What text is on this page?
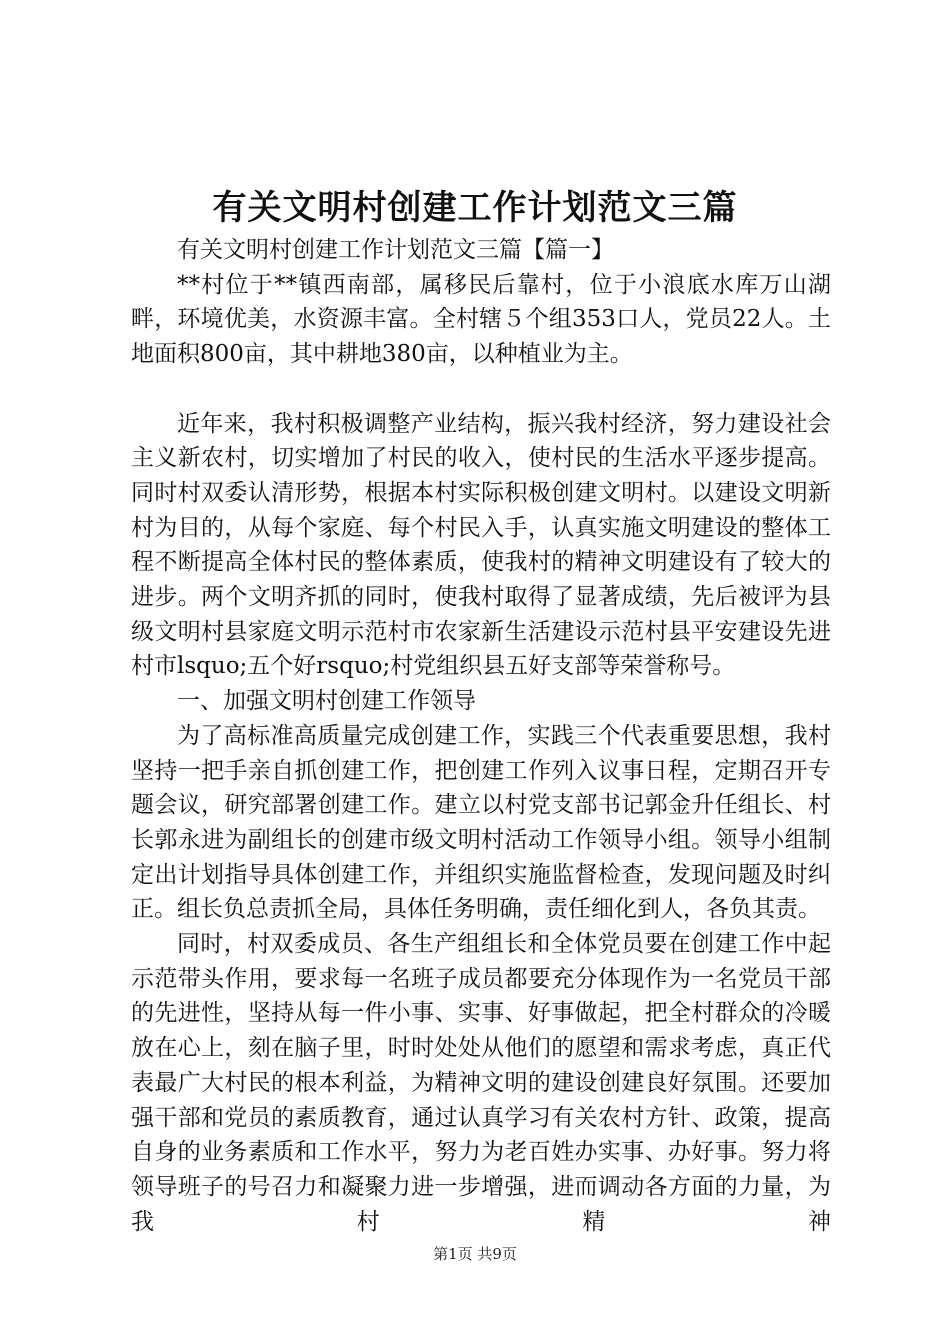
有关文明村创建工作计划范文三篇

有关文明村创建工作计划范文三篇【篇一】

**村位于**镇西南部，属移民后靠村，位于小浪底水库万山湖畔，环境优美，水资源丰富。全村辖５个组353口人，党员22人。土地面积800亩，其中耕地380亩，以种植业为主。

近年来，我村积极调整产业结构，振兴我村经济，努力建设社会主义新农村，切实增加了村民的收入，使村民的生活水平逐步提高。同时村双委认清形势，根据本村实际积极创建文明村。以建设文明新村为目的，从每个家庭、每个村民入手，认真实施文明建设的整体工程不断提高全体村民的整体素质，使我村的精神文明建设有了较大的进步。两个文明齐抓的同时，使我村取得了显著成绩，先后被评为县级文明村县家庭文明示范村市农家新生活建设示范村县平安建设先进村市lsquo;五个好rsquo;村党组织县五好支部等荣誉称号。

一、加强文明村创建工作领导

为了高标准高质量完成创建工作，实践三个代表重要思想，我村坚持一把手亲自抓创建工作，把创建工作列入议事日程，定期召开专题会议，研究部署创建工作。建立以村党支部书记郭金升任组长、村长郭永进为副组长的创建市级文明村活动工作领导小组。领导小组制定出计划指导具体创建工作，并组织实施监督检查，发现问题及时纠正。组长负总责抓全局，具体任务明确，责任细化到人，各负其责。

同时，村双委成员、各生产组组长和全体党员要在创建工作中起示范带头作用，要求每一名班子成员都要充分体现作为一名党员干部的先进性，坚持从每一件小事、实事、好事做起，把全村群众的冷暖放在心上，刻在脑子里，时时处处从他们的愿望和需求考虑，真正代表最广大村民的根本利益，为精神文明的建设创建良好氛围。还要加强干部和党员的素质教育，通过认真学习有关农村方针、政策，提高自身的业务素质和工作水平，努力为老百姓办实事、办好事。努力将领导班子的号召力和凝聚力进一步增强，进而调动各方面的力量，为我村精神

第1页 共9页
